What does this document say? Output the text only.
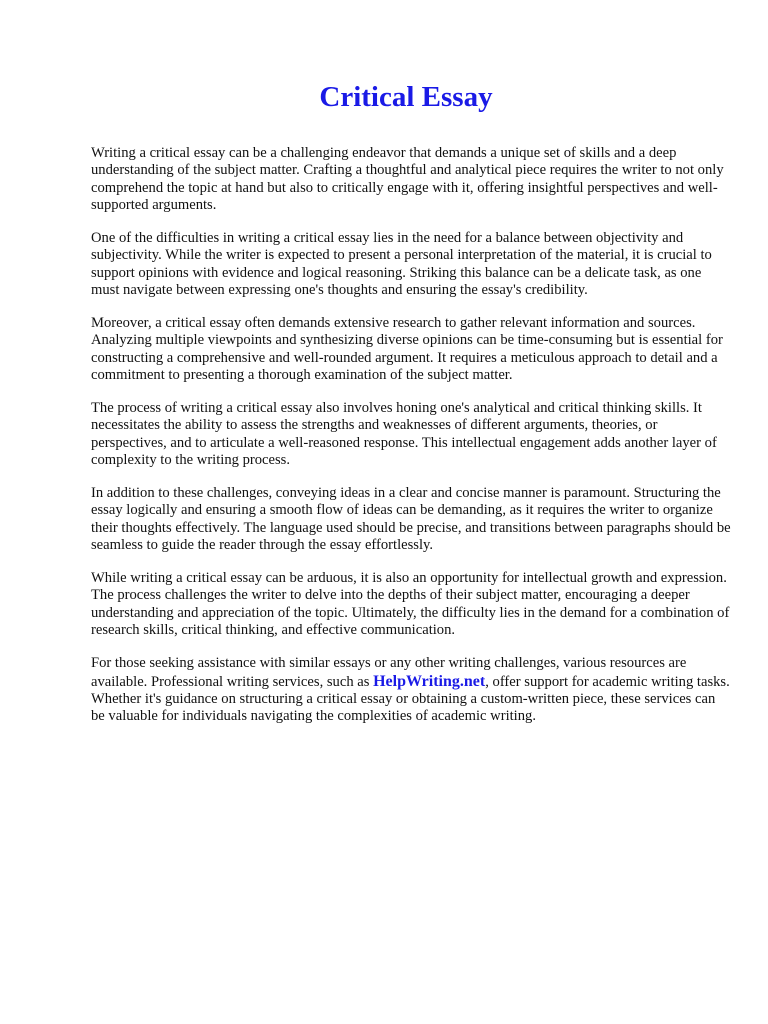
Critical Essay

Writing a critical essay can be a challenging endeavor that demands a unique set of skills and a deep understanding of the subject matter. Crafting a thoughtful and analytical piece requires the writer to not only comprehend the topic at hand but also to critically engage with it, offering insightful perspectives and well-supported arguments.

One of the difficulties in writing a critical essay lies in the need for a balance between objectivity and subjectivity. While the writer is expected to present a personal interpretation of the material, it is crucial to support opinions with evidence and logical reasoning. Striking this balance can be a delicate task, as one must navigate between expressing one's thoughts and ensuring the essay's credibility.

Moreover, a critical essay often demands extensive research to gather relevant information and sources. Analyzing multiple viewpoints and synthesizing diverse opinions can be time-consuming but is essential for constructing a comprehensive and well-rounded argument. It requires a meticulous approach to detail and a commitment to presenting a thorough examination of the subject matter.

The process of writing a critical essay also involves honing one's analytical and critical thinking skills. It necessitates the ability to assess the strengths and weaknesses of different arguments, theories, or perspectives, and to articulate a well-reasoned response. This intellectual engagement adds another layer of complexity to the writing process.

In addition to these challenges, conveying ideas in a clear and concise manner is paramount. Structuring the essay logically and ensuring a smooth flow of ideas can be demanding, as it requires the writer to organize their thoughts effectively. The language used should be precise, and transitions between paragraphs should be seamless to guide the reader through the essay effortlessly.

While writing a critical essay can be arduous, it is also an opportunity for intellectual growth and expression. The process challenges the writer to delve into the depths of their subject matter, encouraging a deeper understanding and appreciation of the topic. Ultimately, the difficulty lies in the demand for a combination of research skills, critical thinking, and effective communication.

For those seeking assistance with similar essays or any other writing challenges, various resources are available. Professional writing services, such as HelpWriting.net, offer support for academic writing tasks. Whether it's guidance on structuring a critical essay or obtaining a custom-written piece, these services can be valuable for individuals navigating the complexities of academic writing.
